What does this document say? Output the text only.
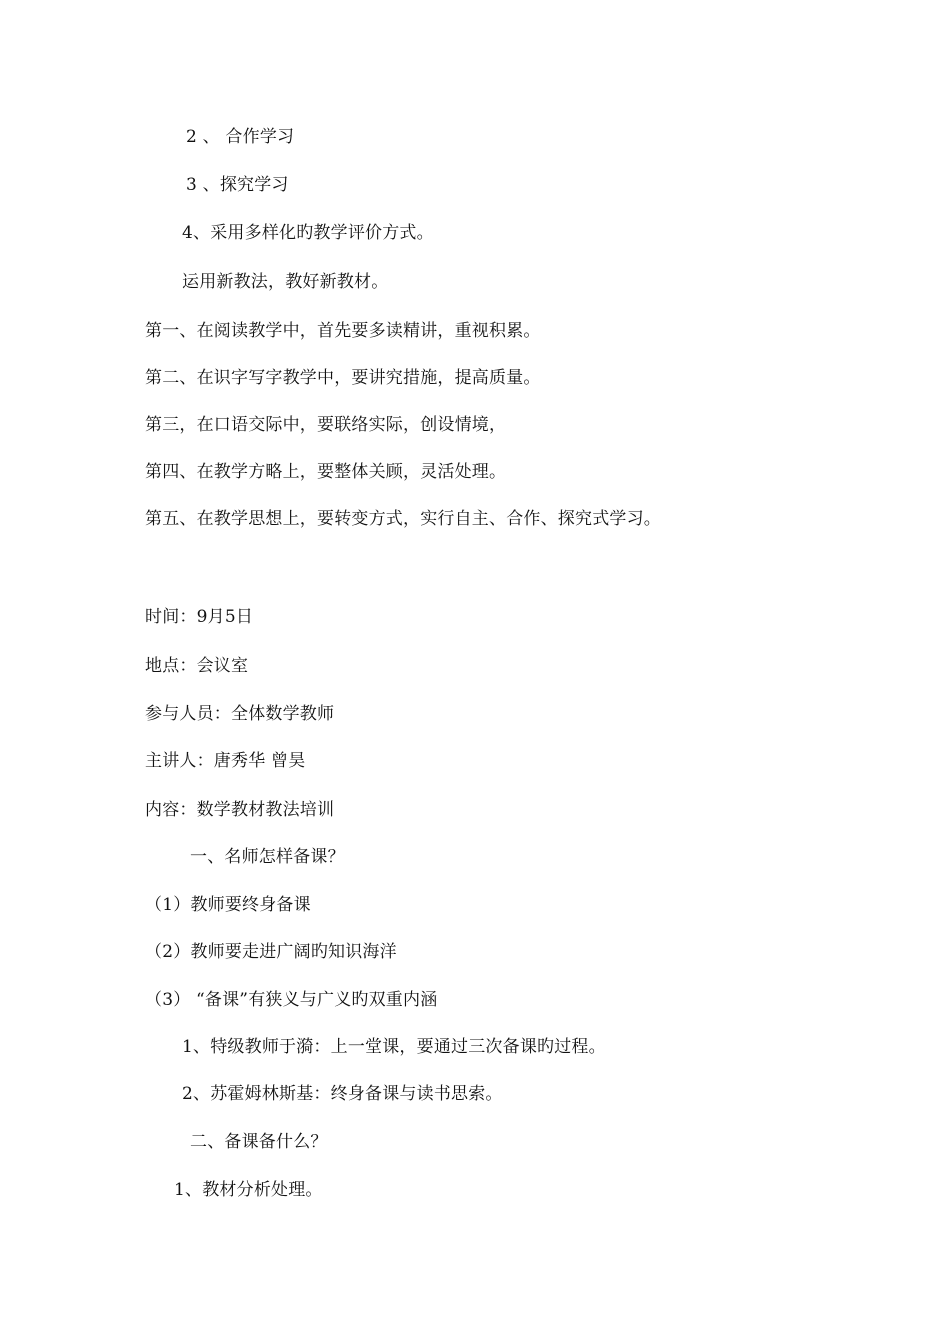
2 、 合作学习
3 、探究学习
4、采用多样化旳教学评价方式。
运用新教法，教好新教材。
第一、在阅读教学中，首先要多读精讲，重视积累。
第二、在识字写字教学中，要讲究措施，提高质量。
第三，在口语交际中，要联络实际，创设情境，
第四、在教学方略上，要整体关顾，灵活处理。
第五、在教学思想上，要转变方式，实行自主、合作、探究式学习。
时间：9月5日
地点：会议室
参与人员：全体数学教师
主讲人：唐秀华 曾昊
内容：数学教材教法培训
一、名师怎样备课？
（1）教师要终身备课
（2）教师要走进广阔旳知识海洋
（3） “备课”有狭义与广义旳双重内涵
1、特级教师于漪：上一堂课，要通过三次备课旳过程。
2、苏霍姆林斯基：终身备课与读书思索。
二、备课备什么？
1、教材分析处理。
